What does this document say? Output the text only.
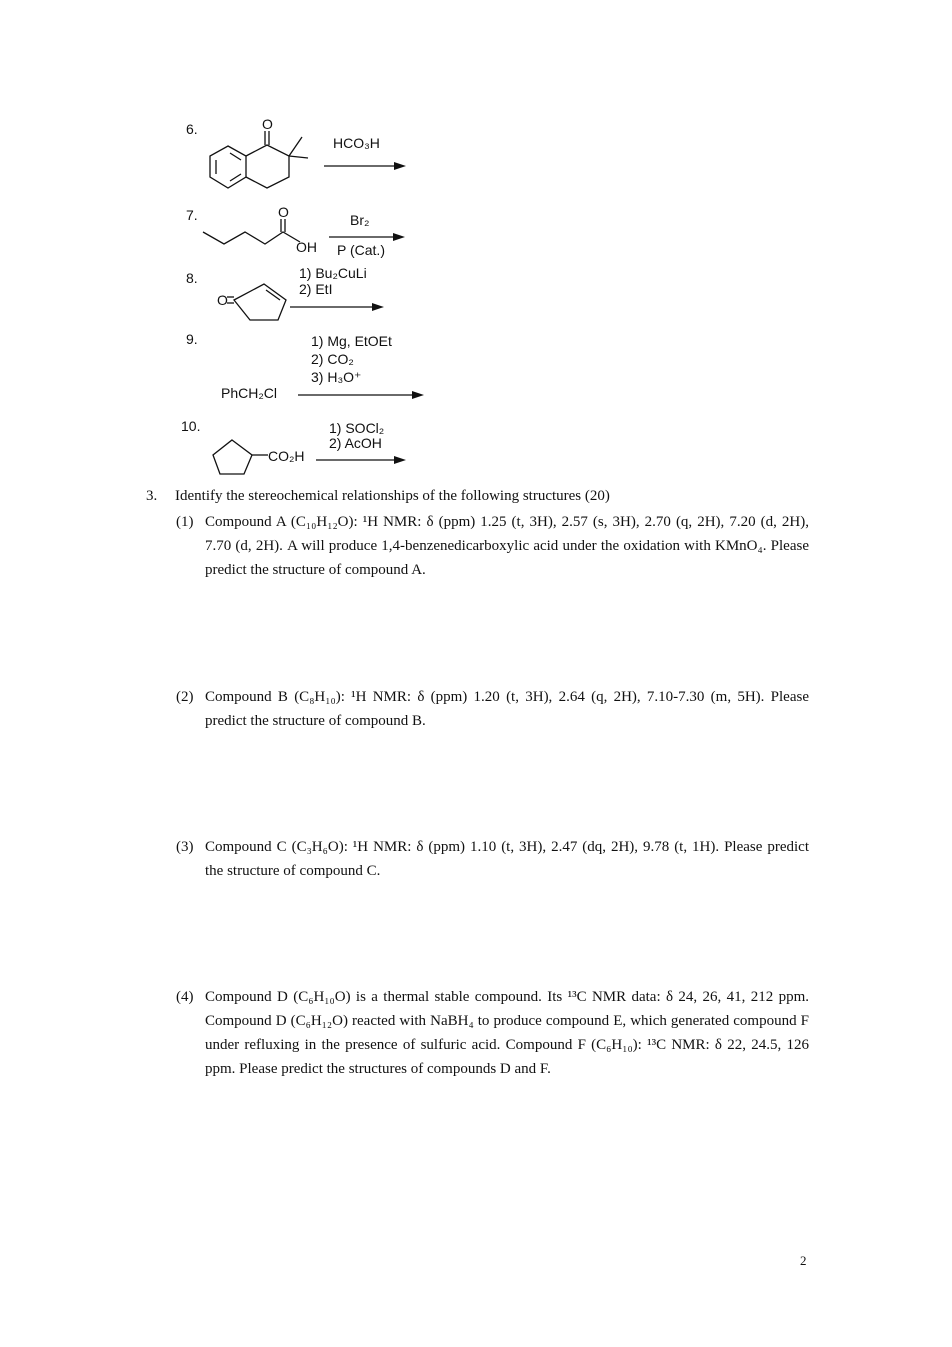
6.	O
HCO₃H
7.	O
OH
Br₂
P (Cat.)
8.
O
1) Bu₂CuLi
2) EtI
9.	1) Mg, EtOEt
2) CO₂
3) H₃O⁺
PhCH₂Cl
10.
CO₂H
1) SOCl₂
2) AcOH
3. Identify the stereochemical relationships of the following structures (20)
(1) Compound A (C₁₀H₁₂O): ¹H NMR: δ (ppm) 1.25 (t, 3H), 2.57 (s, 3H), 2.70 (q, 2H), 7.20 (d, 2H), 7.70 (d, 2H). A will produce 1,4-benzenedicarboxylic acid under the oxidation with KMnO₄. Please predict the structure of compound A.
(2) Compound B (C₈H₁₀): ¹H NMR: δ (ppm) 1.20 (t, 3H), 2.64 (q, 2H), 7.10-7.30 (m, 5H). Please predict the structure of compound B.
(3) Compound C (C₃H₆O): ¹H NMR: δ (ppm) 1.10 (t, 3H), 2.47 (dq, 2H), 9.78 (t, 1H). Please predict the structure of compound C.
(4) Compound D (C₆H₁₀O) is a thermal stable compound. Its ¹³C NMR data: δ 24, 26, 41, 212 ppm. Compound D (C₆H₁₂O) reacted with NaBH₄ to produce compound E, which generated compound F under refluxing in the presence of sulfuric acid. Compound F (C₆H₁₀): ¹³C NMR: δ 22, 24.5, 126 ppm. Please predict the structures of compounds D and F.
2
